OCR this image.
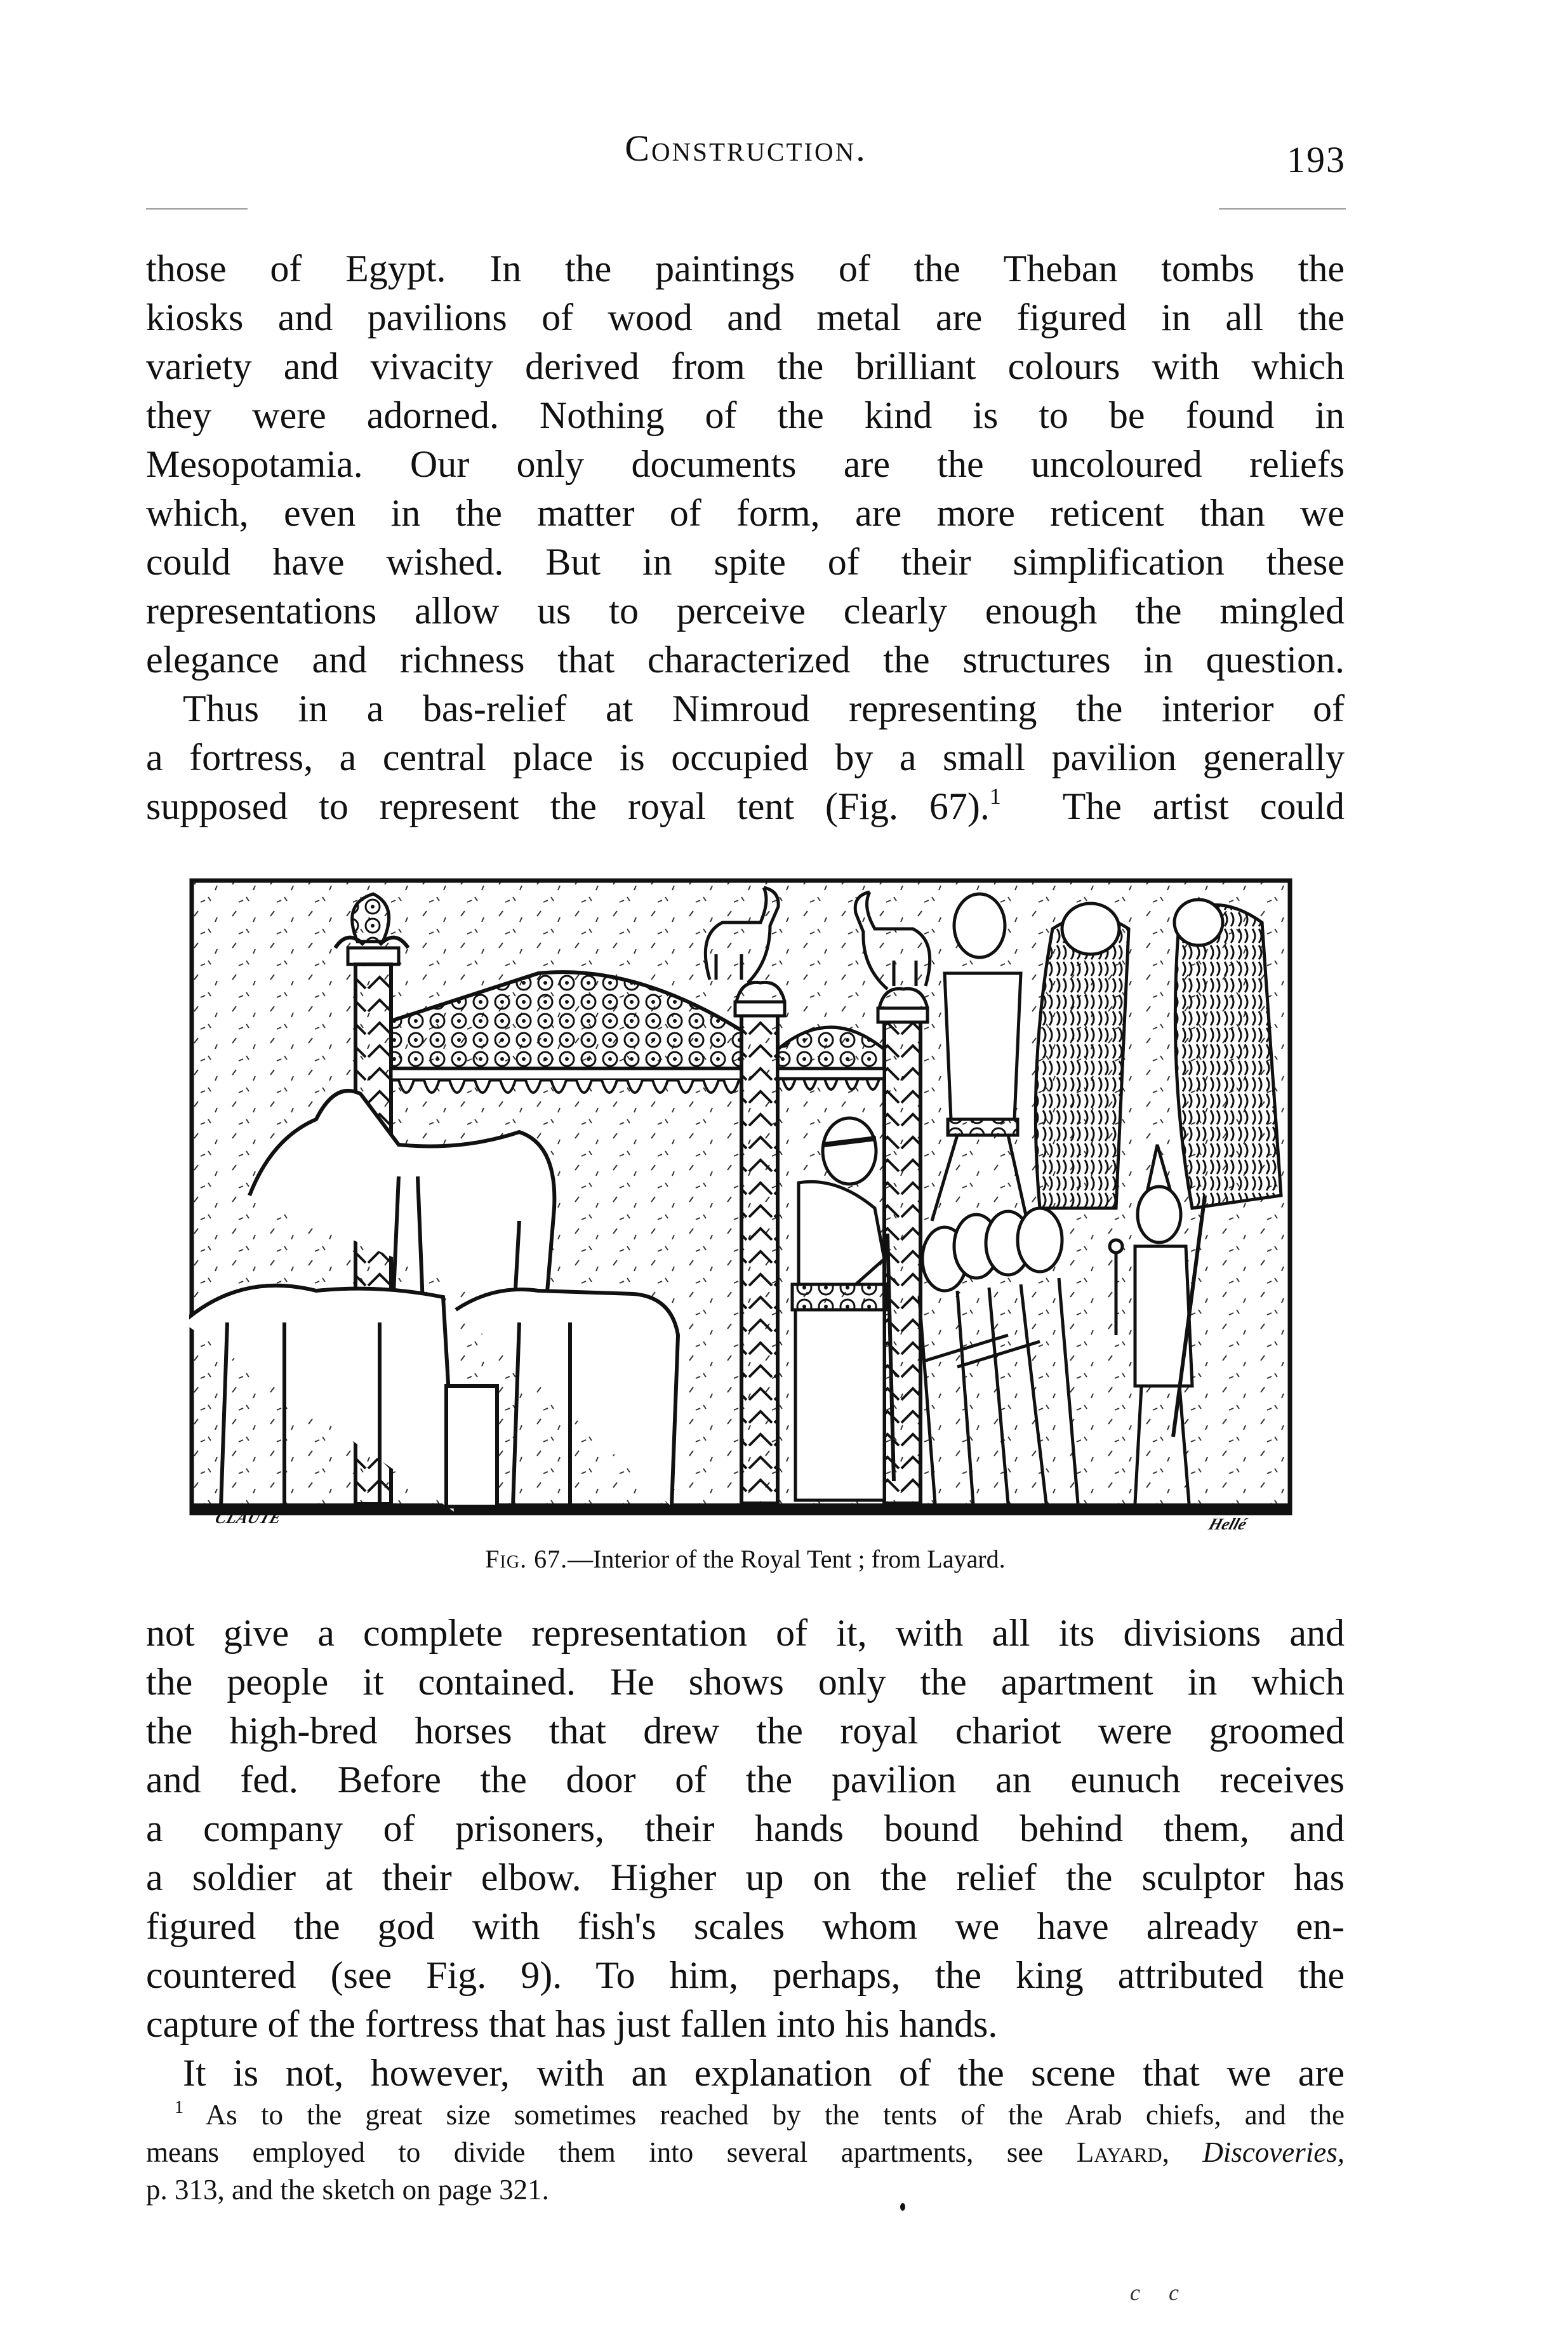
Construction.	193
those of Egypt. In the paintings of the Theban tombs the
kiosks and pavilions of wood and metal are figured in all the
variety and vivacity derived from the brilliant colours with which
they were adorned. Nothing of the kind is to be found in
Mesopotamia. Our only documents are the uncoloured reliefs
which, even in the matter of form, are more reticent than we
could have wished. But in spite of their simplification these
representations allow us to perceive clearly enough the mingled
elegance and richness that characterized the structures in question.
Thus in a bas-relief at Nimroud representing the interior of
a fortress, a central place is occupied by a small pavilion generally
supposed to represent the royal tent (Fig. 67).$^1$  The artist could
CLAUTE	Hellé
Fig. 67.—Interior of the Royal Tent ; from Layard.
not give a complete representation of it, with all its divisions and
the people it contained. He shows only the apartment in which
the high-bred horses that drew the royal chariot were groomed
and fed. Before the door of the pavilion an eunuch receives
a company of prisoners, their hands bound behind them, and
a soldier at their elbow. Higher up on the relief the sculptor has
figured the god with fish's scales whom we have already en-
countered (see Fig. 9). To him, perhaps, the king attributed the
capture of the fortress that has just fallen into his hands.
It is not, however, with an explanation of the scene that we are
$^1$ As to the great size sometimes reached by the tents of the Arab chiefs, and the
means employed to divide them into several apartments, see Layard, Discoveries,
p. 313, and the sketch on page 321.
c c
